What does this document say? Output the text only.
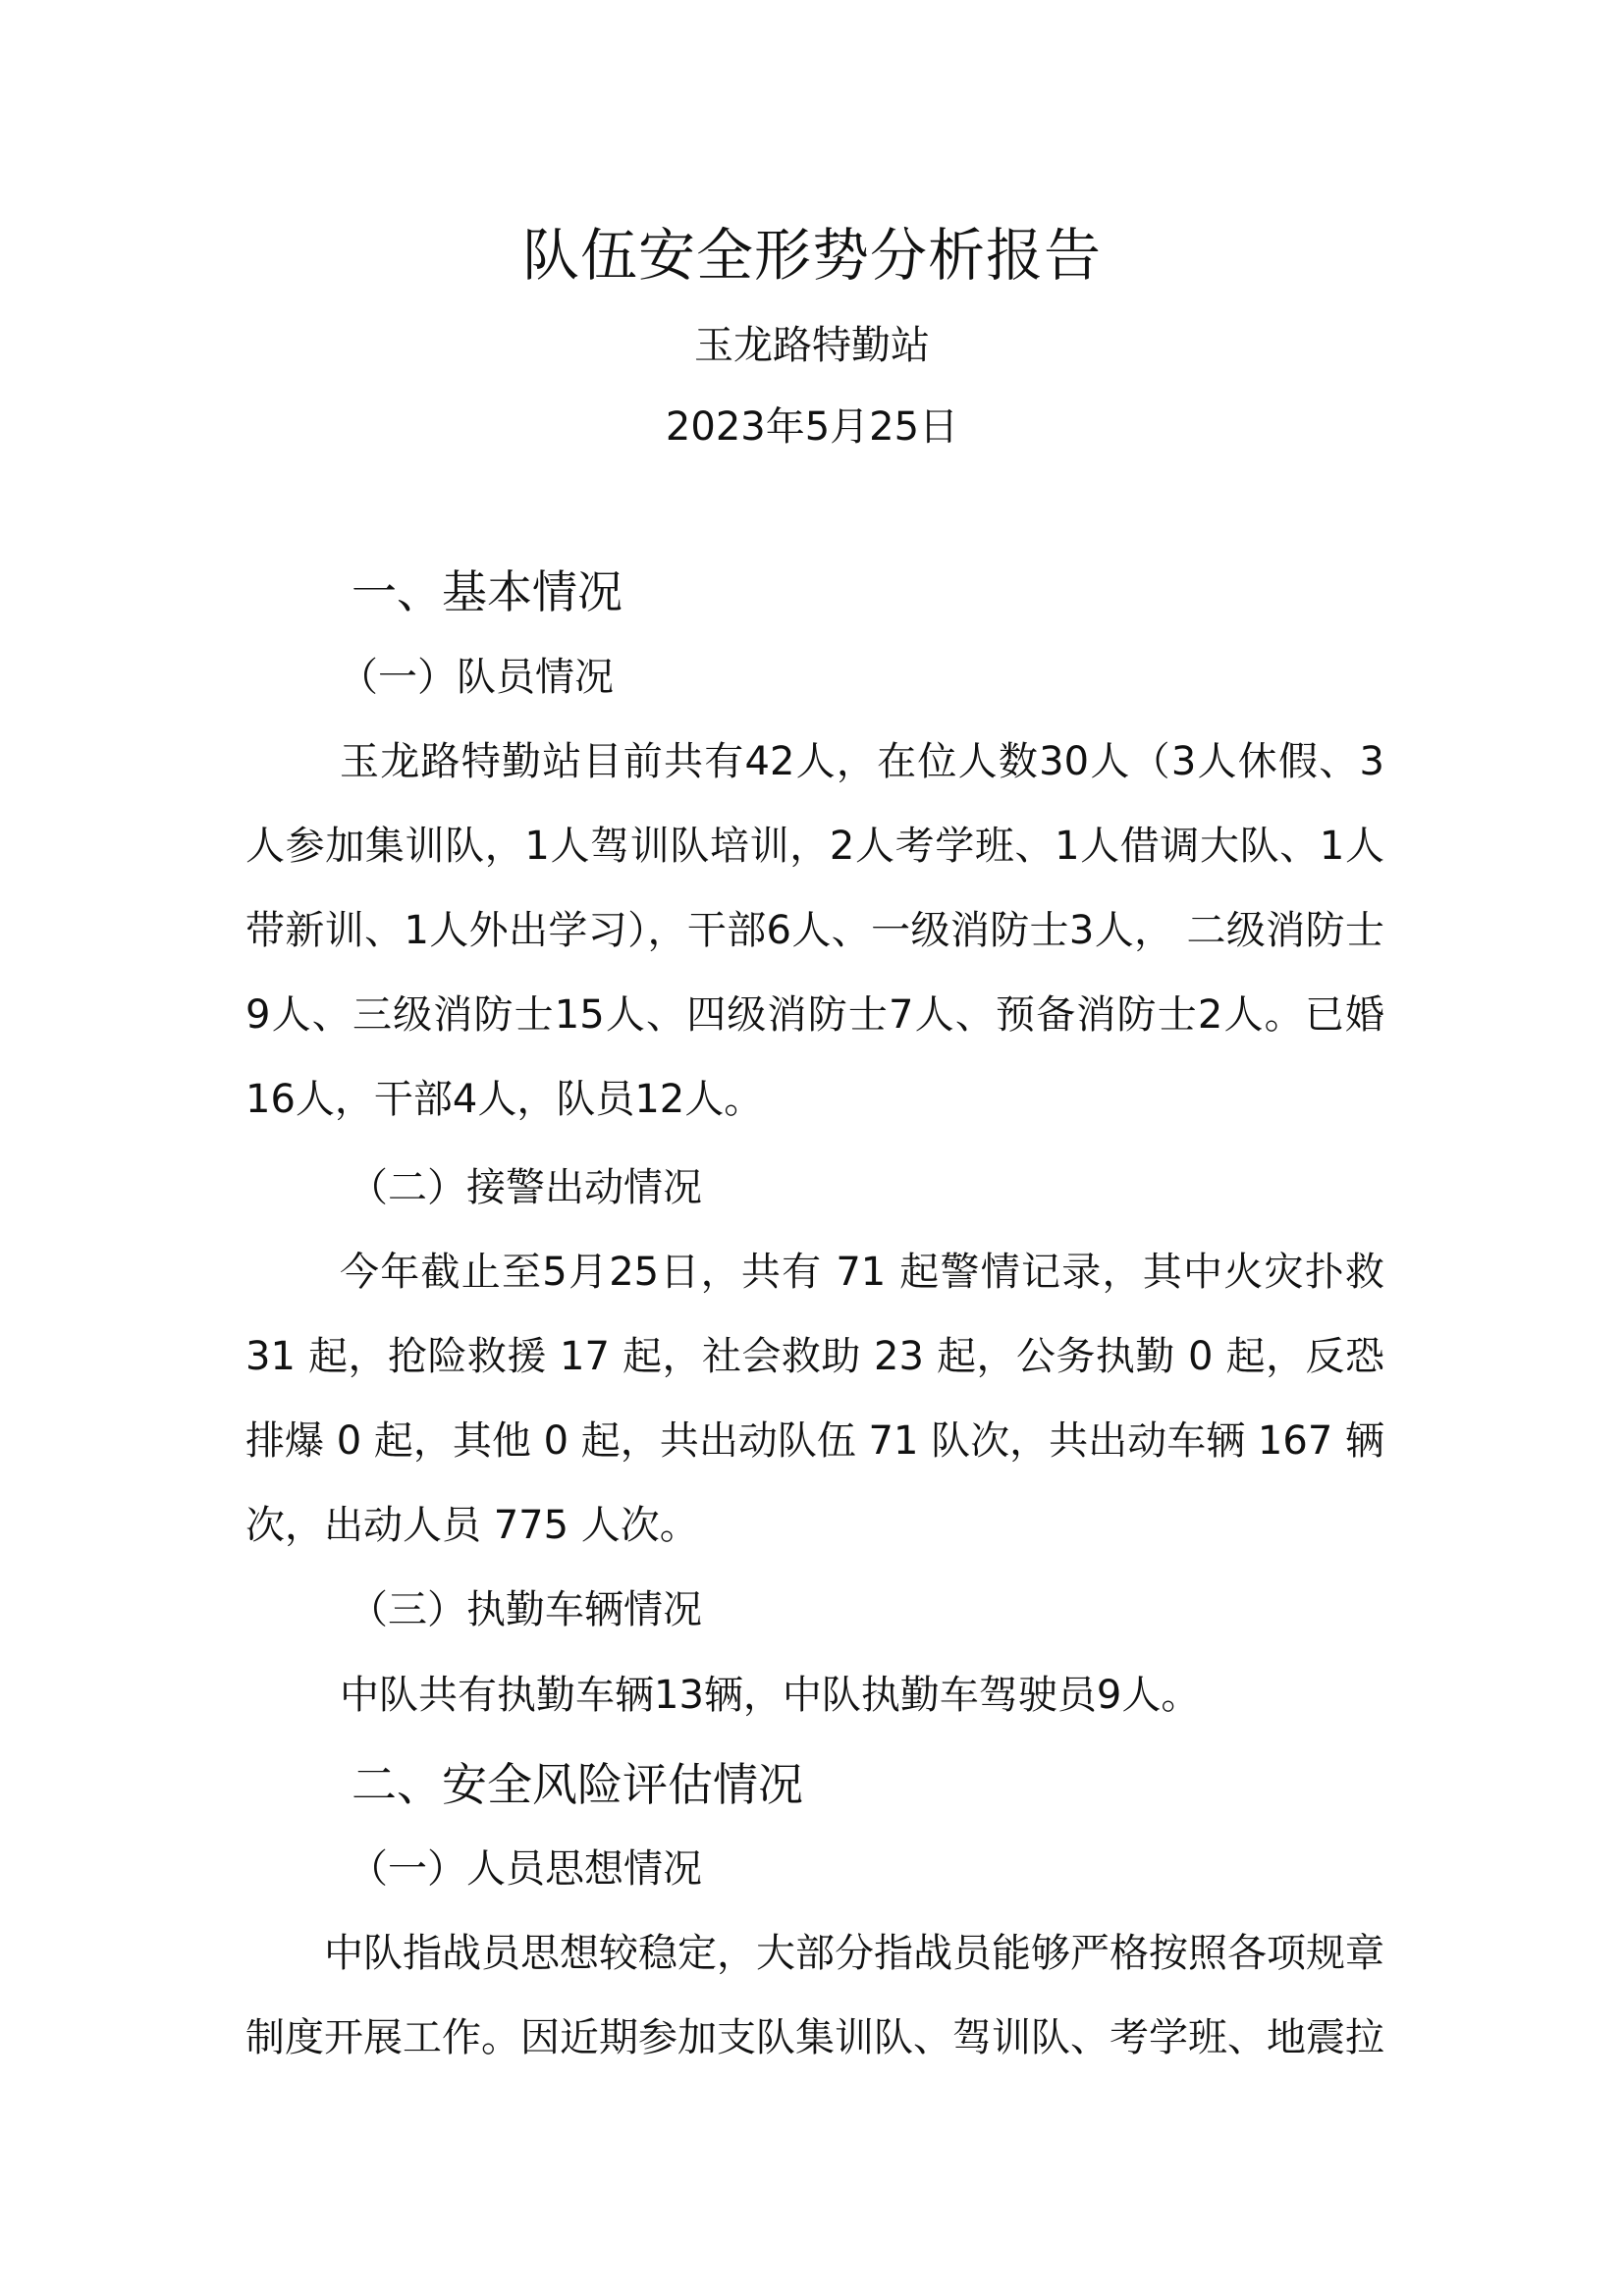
队伍安全形势分析报告
玉龙路特勤站
2023年5月25日
一、基本情况
（一）队员情况
玉龙路特勤站目前共有42人，在位人数30人（3人休假、3人参加集训队，1人驾训队培训，2人考学班、1人借调大队、1人带新训、1人外出学习），干部6人、一级消防士3人， 二级消防士9人、三级消防士15人、四级消防士7人、预备消防士2人。已婚16人，干部4人，队员12人。
（二）接警出动情况
今年截止至5月25日，共有 71 起警情记录，其中火灾扑救 31 起，抢险救援 17 起，社会救助 23 起，公务执勤 0 起，反恐排爆 0 起，其他 0 起，共出动队伍 71 队次，共出动车辆 167 辆次，出动人员 775 人次。
（三）执勤车辆情况
中队共有执勤车辆13辆，中队执勤车驾驶员9人。
二、安全风险评估情况
（一）人员思想情况
中队指战员思想较稳定，大部分指战员能够严格按照各项规章制度开展工作。因近期参加支队集训队、驾训队、考学班、地震拉
